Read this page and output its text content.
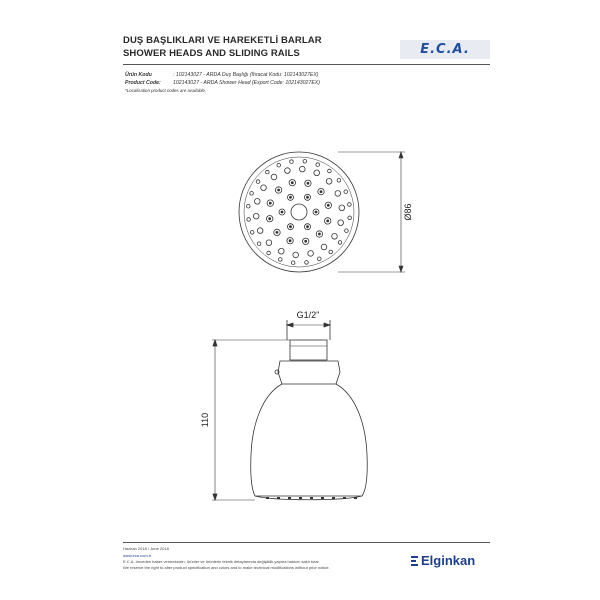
DUŞ BAŞLIKLARI VE HAREKETLİ BARLAR
SHOWER HEADS AND SLIDING RAILS	E.C.A.
Ürün Kodu	: 102143027 - ARDA Duş Başlığı (İhracat Kodu: 102143027EX)
Product Code: 102143027 - ARDA Shower Head (Export Code: 102143027EX)
*Localisation product codes are available.
Ø86
G1/2"
110
Haziran 2018 / June 2018
www.eca.com.tr
E.C.A. önceden haber vermeksizin, ürünler ve ürünlerin teknik detaylarında değişiklik yapma hakkını saklı tutar.
We reserve the right to alter product specification and colors and to make technical modifications without prior notice.	Elginkan
